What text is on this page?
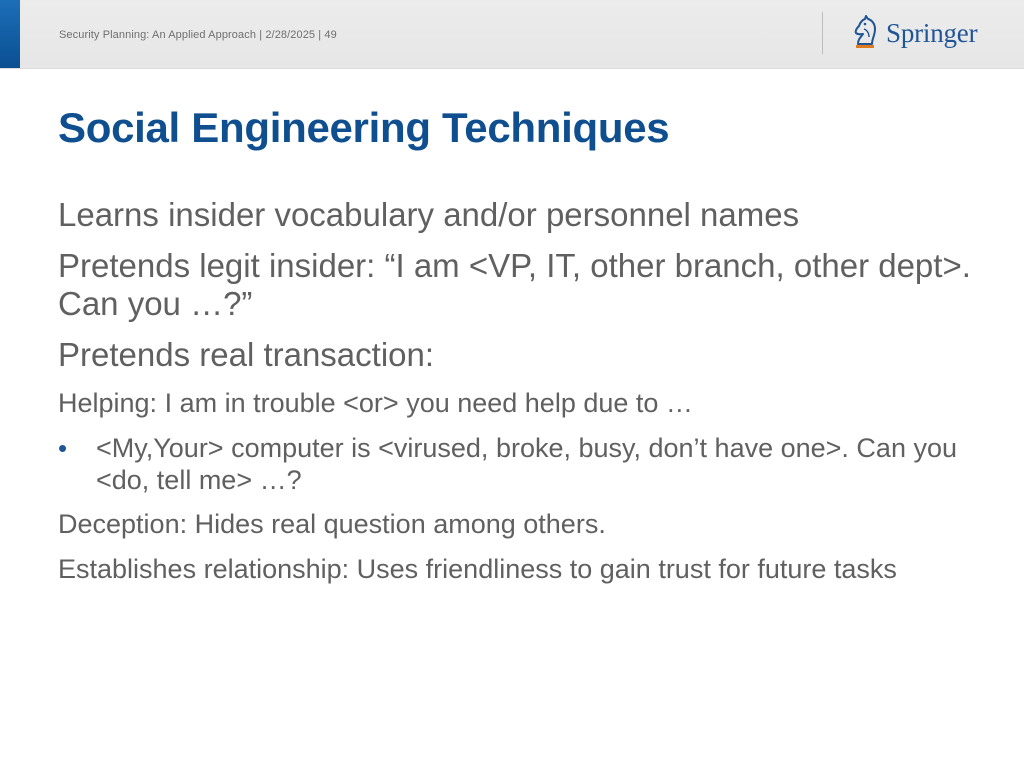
Security Planning: An Applied Approach | 2/28/2025 | 49	Springer
Social Engineering Techniques
Learns insider vocabulary and/or personnel names
Pretends legit insider: “I am <VP, IT, other branch, other dept>. Can you …?”
Pretends real transaction:
Helping: I am in trouble <or> you need help due to …
•	<My,Your> computer is <virused, broke, busy, don’t have one>. Can you <do, tell me> …?
Deception: Hides real question among others.
Establishes relationship: Uses friendliness to gain trust for future tasks
